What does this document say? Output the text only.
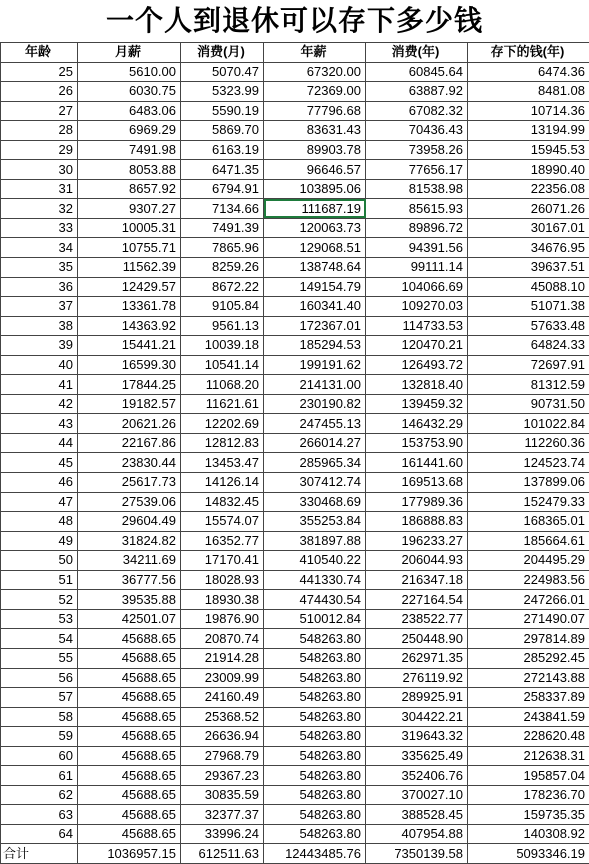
一个人到退休可以存下多少钱
年龄	月薪	消费(月)	年薪	消费(年)	存下的钱(年)
25	5610.00	5070.47	67320.00	60845.64	6474.36
26	6030.75	5323.99	72369.00	63887.92	8481.08
27	6483.06	5590.19	77796.68	67082.32	10714.36
28	6969.29	5869.70	83631.43	70436.43	13194.99
29	7491.98	6163.19	89903.78	73958.26	15945.53
30	8053.88	6471.35	96646.57	77656.17	18990.40
31	8657.92	6794.91	103895.06	81538.98	22356.08
32	9307.27	7134.66	111687.19	85615.93	26071.26
33	10005.31	7491.39	120063.73	89896.72	30167.01
34	10755.71	7865.96	129068.51	94391.56	34676.95
35	11562.39	8259.26	138748.64	99111.14	39637.51
36	12429.57	8672.22	149154.79	104066.69	45088.10
37	13361.78	9105.84	160341.40	109270.03	51071.38
38	14363.92	9561.13	172367.01	114733.53	57633.48
39	15441.21	10039.18	185294.53	120470.21	64824.33
40	16599.30	10541.14	199191.62	126493.72	72697.91
41	17844.25	11068.20	214131.00	132818.40	81312.59
42	19182.57	11621.61	230190.82	139459.32	90731.50
43	20621.26	12202.69	247455.13	146432.29	101022.84
44	22167.86	12812.83	266014.27	153753.90	112260.36
45	23830.44	13453.47	285965.34	161441.60	124523.74
46	25617.73	14126.14	307412.74	169513.68	137899.06
47	27539.06	14832.45	330468.69	177989.36	152479.33
48	29604.49	15574.07	355253.84	186888.83	168365.01
49	31824.82	16352.77	381897.88	196233.27	185664.61
50	34211.69	17170.41	410540.22	206044.93	204495.29
51	36777.56	18028.93	441330.74	216347.18	224983.56
52	39535.88	18930.38	474430.54	227164.54	247266.01
53	42501.07	19876.90	510012.84	238522.77	271490.07
54	45688.65	20870.74	548263.80	250448.90	297814.89
55	45688.65	21914.28	548263.80	262971.35	285292.45
56	45688.65	23009.99	548263.80	276119.92	272143.88
57	45688.65	24160.49	548263.80	289925.91	258337.89
58	45688.65	25368.52	548263.80	304422.21	243841.59
59	45688.65	26636.94	548263.80	319643.32	228620.48
60	45688.65	27968.79	548263.80	335625.49	212638.31
61	45688.65	29367.23	548263.80	352406.76	195857.04
62	45688.65	30835.59	548263.80	370027.10	178236.70
63	45688.65	32377.37	548263.80	388528.45	159735.35
64	45688.65	33996.24	548263.80	407954.88	140308.92
合计	1036957.15	612511.63	12443485.76	7350139.58	5093346.19
